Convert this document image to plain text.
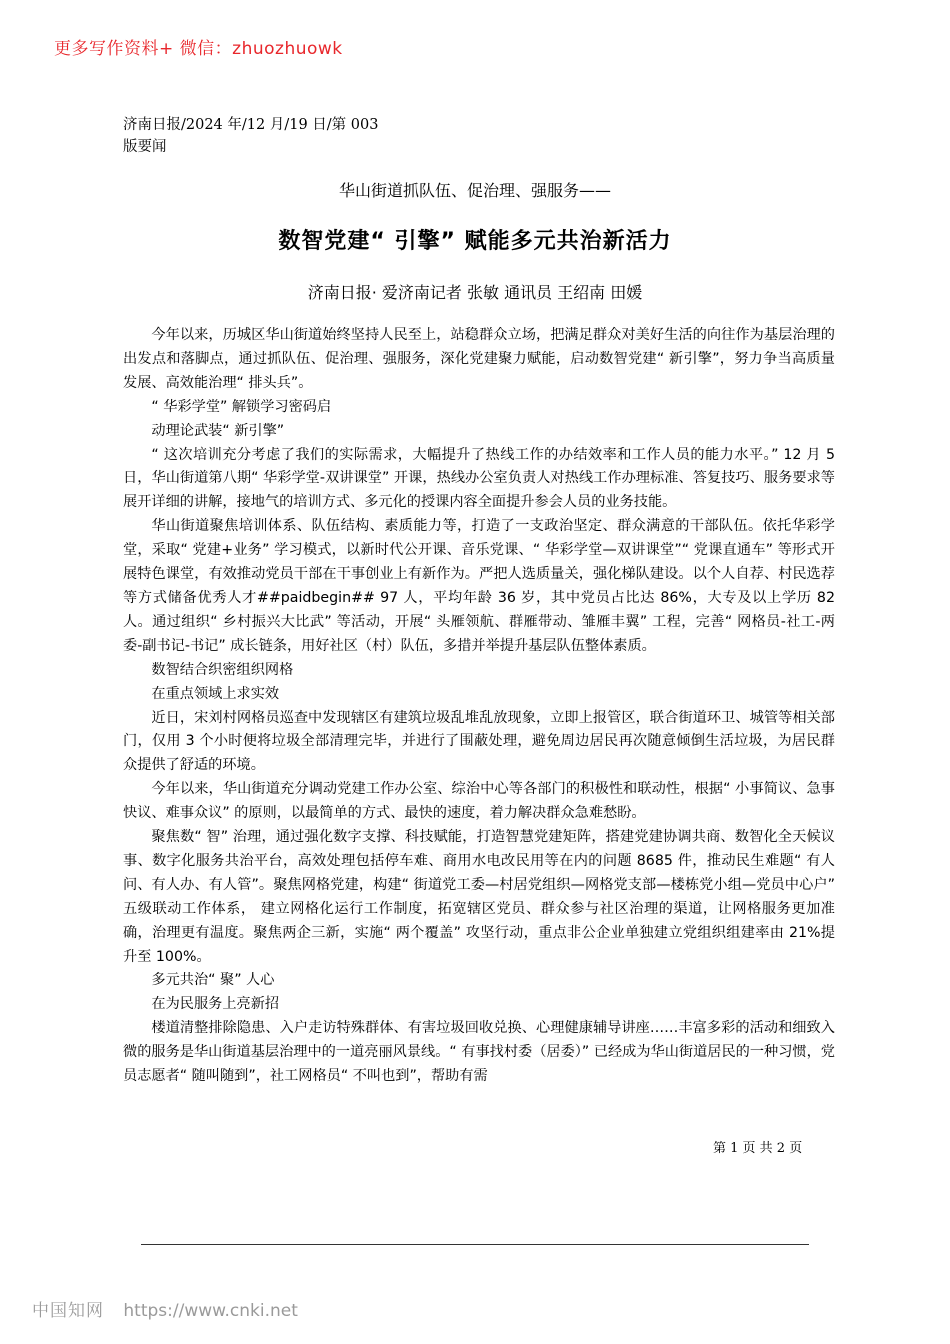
更多写作资料+ 微信：zhuozhuowk
济南日报/2024 年/12 月/19 日/第 003
版要闻
华山街道抓队伍、促治理、强服务——
数智党建“ 引擎” 赋能多元共治新活力
济南日报· 爱济南记者 张敏 通讯员 王绍南 田媛

今年以来，历城区华山街道始终坚持人民至上，站稳群众立场，把满足群众对美好生活的向往作为基层治理的出发点和落脚点，通过抓队伍、促治理、强服务，深化党建聚力赋能，启动数智党建“ 新引擎”，努力争当高质量发展、高效能治理“ 排头兵”。

“ 华彩学堂” 解锁学习密码启

动理论武装“ 新引擎”

“ 这次培训充分考虑了我们的实际需求，大幅提升了热线工作的办结效率和工作人员的能力水平。” 12 月 5 日，华山街道第八期“ 华彩学堂-双讲课堂” 开课，热线办公室负责人对热线工作办理标准、答复技巧、服务要求等展开详细的讲解，接地气的培训方式、多元化的授课内容全面提升参会人员的业务技能。

华山街道聚焦培训体系、队伍结构、素质能力等，打造了一支政治坚定、群众满意的干部队伍。依托华彩学堂，采取“ 党建+业务” 学习模式，以新时代公开课、音乐党课、“ 华彩学堂—双讲课堂”“ 党课直通车” 等形式开展特色课堂，有效推动党员干部在干事创业上有新作为。严把人选质量关，强化梯队建设。以个人自荐、村民选荐等方式储备优秀人才##paidbegin## 97 人，平均年龄 36 岁，其中党员占比达 86%，大专及以上学历 82 人。通过组织“ 乡村振兴大比武” 等活动，开展“ 头雁领航、群雁带动、雏雁丰翼” 工程，完善“ 网格员-社工-两委-副书记-书记” 成长链条，用好社区（村）队伍，多措并举提升基层队伍整体素质。

数智结合织密组织网格

在重点领域上求实效

近日，宋刘村网格员巡查中发现辖区有建筑垃圾乱堆乱放现象，立即上报管区，联合街道环卫、城管等相关部门，仅用 3 个小时便将垃圾全部清理完毕，并进行了围蔽处理，避免周边居民再次随意倾倒生活垃圾，为居民群众提供了舒适的环境。

今年以来，华山街道充分调动党建工作办公室、综治中心等各部门的积极性和联动性，根据“ 小事简议、急事快议、难事众议” 的原则，以最简单的方式、最快的速度，着力解决群众急难愁盼。

聚焦数“ 智” 治理，通过强化数字支撑、科技赋能，打造智慧党建矩阵，搭建党建协调共商、数智化全天候议事、数字化服务共治平台，高效处理包括停车难、商用水电改民用等在内的问题 8685 件，推动民生难题“ 有人问、有人办、有人管”。聚焦网格党建，构建“ 街道党工委—村居党组织—网格党支部—楼栋党小组—党员中心户” 五级联动工作体系， 建立网格化运行工作制度，拓宽辖区党员、群众参与社区治理的渠道，让网格服务更加准确，治理更有温度。聚焦两企三新，实施“ 两个覆盖” 攻坚行动，重点非公企业单独建立党组织组建率由 21%提升至 100%。

多元共治“ 聚” 人心

在为民服务上亮新招

楼道清整排除隐患、入户走访特殊群体、有害垃圾回收兑换、心理健康辅导讲座……丰富多彩的活动和细致入微的服务是华山街道基层治理中的一道亮丽风景线。“ 有事找村委（居委）” 已经成为华山街道居民的一种习惯，党员志愿者“ 随叫随到”，社工网格员“ 不叫也到”，帮助有需

第 1 页 共 2 页
中国知网 https://www.cnki.net
